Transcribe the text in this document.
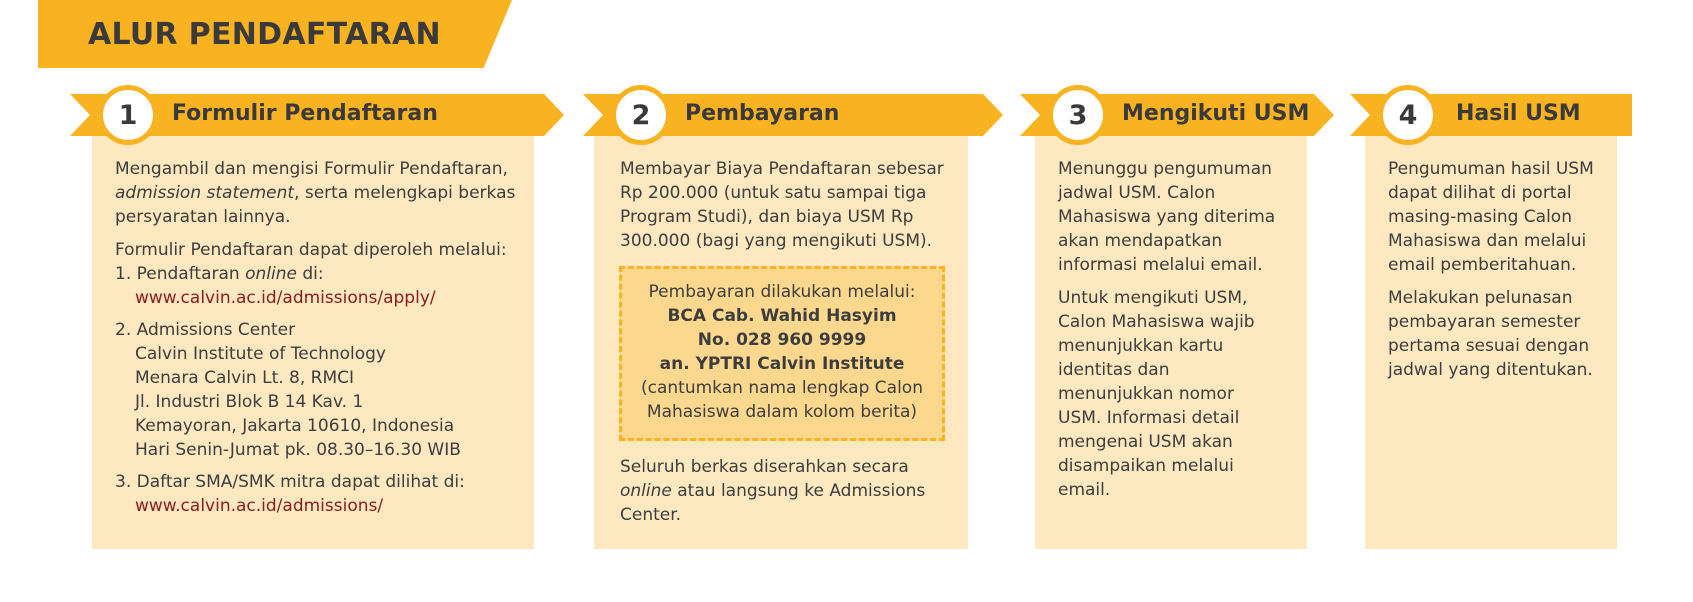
ALUR PENDAFTARAN
1	2	3	4
Formulir Pendaftaran	Pembayaran	Mengikuti USM	Hasil USM

Mengambil dan mengisi Formulir Pendaftaran, admission statement, serta melengkapi berkas persyaratan lainnya.

Formulir Pendaftaran dapat diperoleh melalui:
1. Pendaftaran online di:
www.calvin.ac.id/admissions/apply/
2. Admissions Center
Calvin Institute of Technology
Menara Calvin Lt. 8, RMCI
Jl. Industri Blok B 14 Kav. 1
Kemayoran, Jakarta 10610, Indonesia
Hari Senin-Jumat pk. 08.30–16.30 WIB
3. Daftar SMA/SMK mitra dapat dilihat di:
www.calvin.ac.id/admissions/

Membayar Biaya Pendaftaran sebesar Rp 200.000 (untuk satu sampai tiga Program Studi), dan biaya USM Rp 300.000 (bagi yang mengikuti USM).

Pembayaran dilakukan melalui:
BCA Cab. Wahid Hasyim
No. 028 960 9999
an. YPTRI Calvin Institute
(cantumkan nama lengkap Calon Mahasiswa dalam kolom berita)
Seluruh berkas diserahkan secara online atau langsung ke Admissions Center.

Menunggu pengumuman jadwal USM. Calon Mahasiswa yang diterima akan mendapatkan informasi melalui email.

Untuk mengikuti USM, Calon Mahasiswa wajib menunjukkan kartu identitas dan menunjukkan nomor USM. Informasi detail mengenai USM akan disampaikan melalui email.

Pengumuman hasil USM dapat dilihat di portal masing-masing Calon Mahasiswa dan melalui email pemberitahuan.

Melakukan pelunasan pembayaran semester pertama sesuai dengan jadwal yang ditentukan.
